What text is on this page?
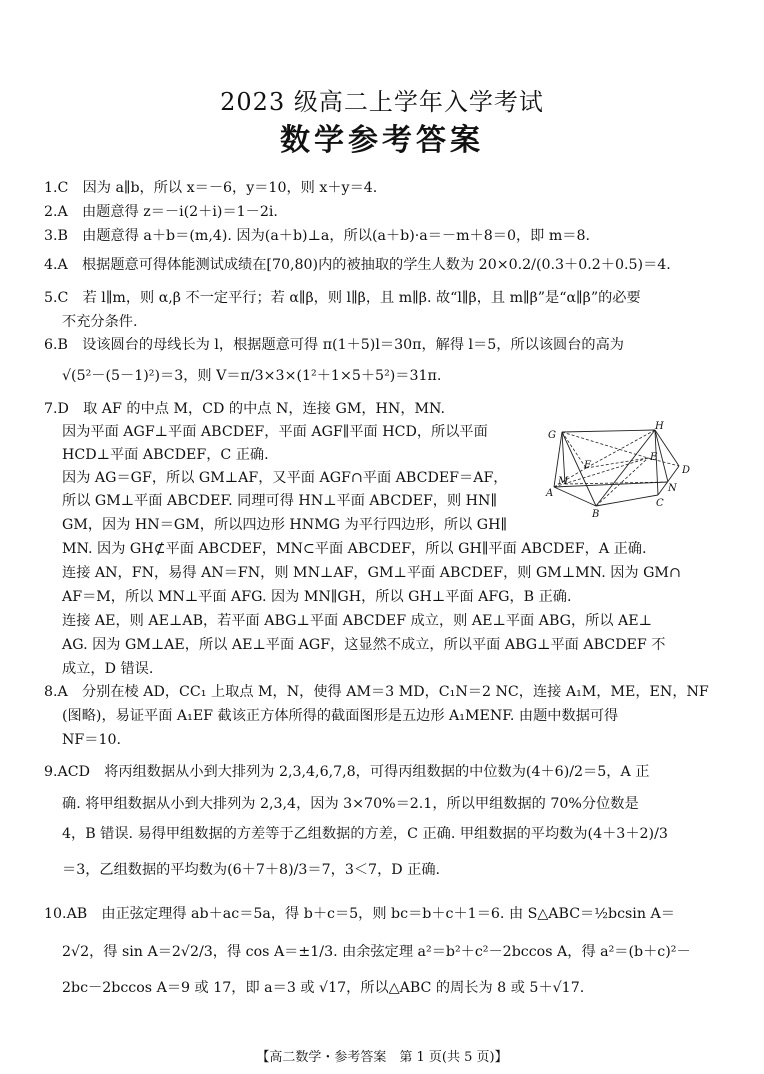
2023 级高二上学年入学考试
数学参考答案
1.C　因为 a∥b，所以 x＝－6，y＝10，则 x＋y＝4.
2.A　由题意得 z＝－i(2＋i)＝1－2i.
3.B　由题意得 a＋b＝(m,4). 因为(a＋b)⊥a，所以(a＋b)·a＝－m＋8＝0，即 m＝8.
4.A　根据题意可得体能测试成绩在[70,80)内的被抽取的学生人数为 20×0.2/(0.3＋0.2＋0.5)＝4.
5.C　若 l∥m，则 α,β 不一定平行；若 α∥β，则 l∥β，且 m∥β. 故“l∥β，且 m∥β”是“α∥β”的必要
不充分条件.
6.B　设该圆台的母线长为 l，根据题意可得 π(1＋5)l＝30π，解得 l＝5，所以该圆台的高为
√(5²－(5－1)²)＝3，则 V＝π/3×3×(1²＋1×5＋5²)＝31π.
7.D　取 AF 的中点 M，CD 的中点 N，连接 GM，HN，MN.
因为平面 AGF⊥平面 ABCDEF，平面 AGF∥平面 HCD，所以平面
HCD⊥平面 ABCDEF，C 正确.
因为 AG＝GF，所以 GM⊥AF，又平面 AGF∩平面 ABCDEF＝AF，
所以 GM⊥平面 ABCDEF. 同理可得 HN⊥平面 ABCDEF，则 HN∥
GM，因为 HN＝GM，所以四边形 HNMG 为平行四边形，所以 GH∥
MN. 因为 GH⊄平面 ABCDEF，MN⊂平面 ABCDEF，所以 GH∥平面 ABCDEF，A 正确.
连接 AN，FN，易得 AN＝FN，则 MN⊥AF，GM⊥平面 ABCDEF，则 GM⊥MN. 因为 GM∩
AF＝M，所以 MN⊥平面 AFG. 因为 MN∥GH，所以 GH⊥平面 AFG，B 正确.
连接 AE，则 AE⊥AB，若平面 ABG⊥平面 ABCDEF 成立，则 AE⊥平面 ABG，所以 AE⊥
AG. 因为 GM⊥AE，所以 AE⊥平面 AGF，这显然不成立，所以平面 ABG⊥平面 ABCDEF 不
成立，D 错误.
G
H
E
F	D
M
N
A
B
C
8.A　分别在棱 AD，CC₁ 上取点 M，N，使得 AM＝3 MD，C₁N＝2 NC，连接 A₁M，ME，EN，NF
(图略)，易证平面 A₁EF 截该正方体所得的截面图形是五边形 A₁MENF. 由题中数据可得
NF＝10.
9.ACD　将丙组数据从小到大排列为 2,3,4,6,7,8，可得丙组数据的中位数为(4＋6)/2＝5，A 正
确. 将甲组数据从小到大排列为 2,3,4，因为 3×70%＝2.1，所以甲组数据的 70%分位数是
4，B 错误. 易得甲组数据的方差等于乙组数据的方差，C 正确. 甲组数据的平均数为(4＋3＋2)/3
＝3，乙组数据的平均数为(6＋7＋8)/3＝7，3＜7，D 正确.
10.AB　由正弦定理得 ab＋ac＝5a，得 b＋c＝5，则 bc＝b＋c＋1＝6. 由 S△ABC＝½bcsin A＝
2√2，得 sin A＝2√2/3，得 cos A＝±1/3. 由余弦定理 a²＝b²＋c²－2bccos A，得 a²＝(b＋c)²－
2bc－2bccos A＝9 或 17，即 a＝3 或 √17，所以△ABC 的周长为 8 或 5＋√17.
【高二数学・参考答案　第 1 页(共 5 页)】
